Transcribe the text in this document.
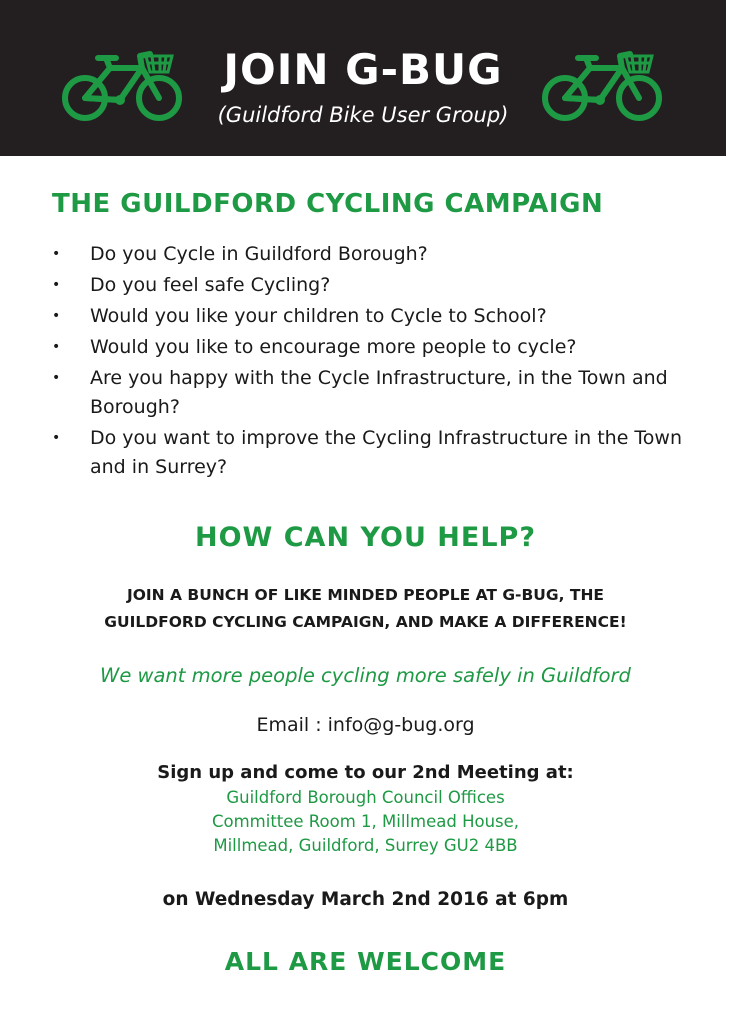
JOIN G-BUG
(Guildford Bike User Group)
THE GUILDFORD CYCLING CAMPAIGN
• Do you Cycle in Guildford Borough?
• Do you feel safe Cycling?
• Would you like your children to Cycle to School?
• Would you like to encourage more people to cycle?
• Are you happy with the Cycle Infrastructure, in the Town and Borough?
• Do you want to improve the Cycling Infrastructure in the Town and in Surrey?
HOW CAN YOU HELP?
JOIN A BUNCH OF LIKE MINDED PEOPLE AT G-BUG, THE
GUILDFORD CYCLING CAMPAIGN, AND MAKE A DIFFERENCE!
We want more people cycling more safely in Guildford
Email : info@g-bug.org
Sign up and come to our 2nd Meeting at:
Guildford Borough Council Offices
Committee Room 1, Millmead House,
Millmead, Guildford, Surrey GU2 4BB
on Wednesday March 2nd 2016 at 6pm
ALL ARE WELCOME
